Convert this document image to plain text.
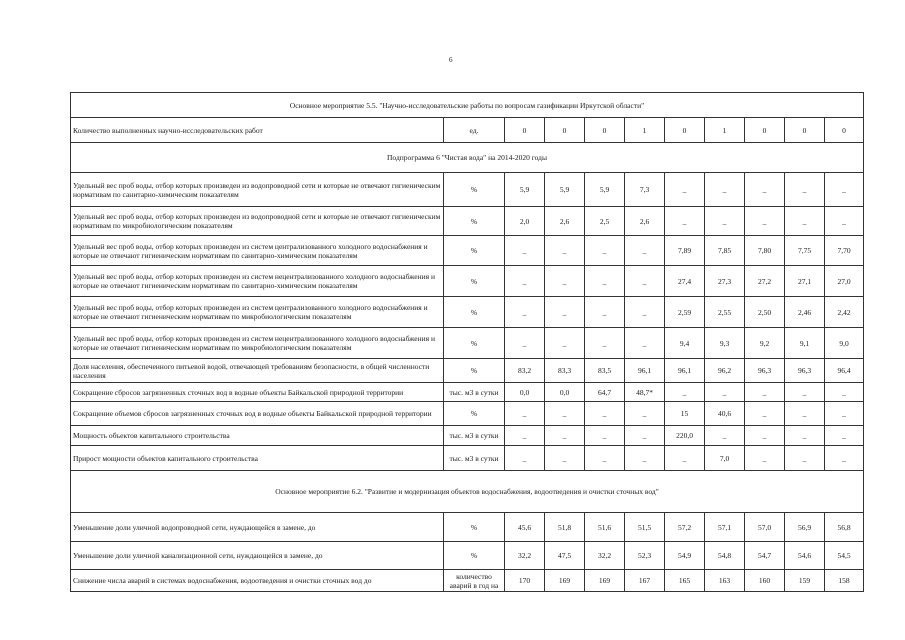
6
Основное мероприятие 5.5. "Научно-исследовательские работы по вопросам газификации Иркутской области"										
Количество выполненных научно-исследовательских работ	ед.	0	0	0	1	0	1	0	0	0
Подпрограмма 6 "Чистая вода" на 2014-2020 годы										
Удельный вес проб воды, отбор которых произведен из водопроводной сети и которые не отвечают гигиеническим нормативам по санитарно-химическим показателям	%	5,9	5,9	5,9	7,3	_	_	_	_	_
Удельный вес проб воды, отбор которых произведен из водопроводной сети и которые не отвечают гигиеническим нормативам по микробиологическим показателям	%	2,0	2,6	2,5	2,6	_	_	_	_	_
Удельный вес проб воды, отбор которых произведен из систем централизованного холодного водоснабжения и которые не отвечают гигиеническим нормативам по санитарно-химическим показателям	%	_	_	_	_	7,89	7,85	7,80	7,75	7,70
Удельный вес проб воды, отбор которых произведен из систем нецентрализованного холодного водоснабжения и которые не отвечают гигиеническим нормативам по санитарно-химическим показателям	%	_	_	_	_	27,4	27,3	27,2	27,1	27,0
Удельный вес проб воды, отбор которых произведен из систем централизованного холодного водоснабжения и которые не отвечают гигиеническим нормативам по микробиологическим показателям	%	_	_	_	_	2,59	2,55	2,50	2,46	2,42
Удельный вес проб воды, отбор которых произведен из систем нецентрализованного холодного водоснабжения и которые не отвечают гигиеническим нормативам по микробиологическим показателям	%	_	_	_	_	9,4	9,3	9,2	9,1	9,0
Доля населения, обеспеченного питьевой водой, отвечающей требованиям безопасности, в общей численности населения	%	83,2	83,3	83,5	96,1	96,1	96,2	96,3	96,3	96,4
Сокращение сбросов загрязненных сточных вод в водные объекты Байкальской природной территории	тыс. м3 в сутки	0,0	0,0	64,7	48,7*	_	_	_	_	_
Сокращение объемов сбросов загрязненных сточных вод в водные объекты Байкальской природной территории	%	_	_	_	_	15	40,6	_	_	_
Мощность объектов капитального строительства	тыс. м3 в сутки	_	_	_	_	220,0	_	_	_	_
Прирост мощности объектов капитального строительства	тыс. м3 в сутки	_	_	_	_	_	7,0	_	_	_
Основное мероприятие 6.2. "Развитие и модернизация объектов водоснабжения, водоотведения и очистки сточных вод"										
Уменьшение доли уличной водопроводной сети, нуждающейся в замене, до	%	45,6	51,8	51,6	51,5	57,2	57,1	57,0	56,9	56,8
Уменьшение доли уличной канализационной сети, нуждающейся в замене, до	%	32,2	47,5	32,2	52,3	54,9	54,8	54,7	54,6	54,5
Снижение числа аварий в системах водоснабжения, водоотведения и очистки сточных вод до	количество аварий в год на	170	169	169	167	165	163	160	159	158
